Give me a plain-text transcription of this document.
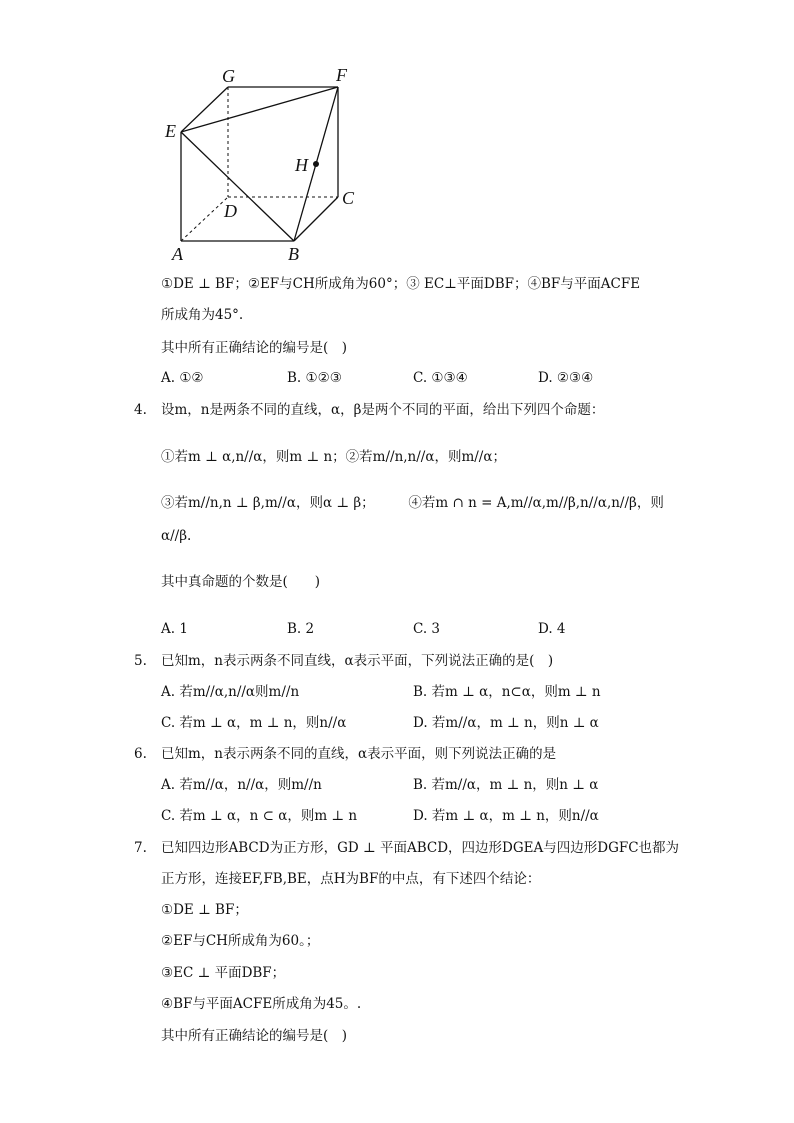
G	F
E
H
C
D
A	B
①DE ⊥ BF；②EF与CH所成角为60°；③ EC⊥平面DBF；④BF与平面ACFE
所成角为45°.
其中所有正确结论的编号是(　)
A. ①②	B. ①②③	C. ①③④	D. ②③④
4. 设m，n是两条不同的直线，α，β是两个不同的平面，给出下列四个命题：
①若m ⊥ α,n//α，则m ⊥ n；②若m//n,n//α，则m//α；
③若m//n,n ⊥ β,m//α，则α ⊥ β；　　　④若m ∩ n = A,m//α,m//β,n//α,n//β，则
α//β.
其中真命题的个数是(　　)
A. 1	B. 2	C. 3	D. 4
5. 已知m，n表示两条不同直线，α表示平面，下列说法正确的是(　)
A. 若m//α,n//α则m//n	B. 若m ⊥ α，n⊂α，则m ⊥ n
C. 若m ⊥ α，m ⊥ n，则n//α	D. 若m//α，m ⊥ n，则n ⊥ α
6. 已知m，n表示两条不同的直线，α表示平面，则下列说法正确的是
A. 若m//α，n//α，则m//n	B. 若m//α，m ⊥ n，则n ⊥ α
C. 若m ⊥ α，n ⊂ α，则m ⊥ n	D. 若m ⊥ α，m ⊥ n，则n//α
7. 已知四边形ABCD为正方形，GD ⊥ 平面ABCD，四边形DGEA与四边形DGFC也都为
正方形，连接EF,FB,BE，点H为BF的中点，有下述四个结论：
①DE ⊥ BF；
②EF与CH所成角为60。；
③EC ⊥ 平面DBF；
④BF与平面ACFE所成角为45。.
其中所有正确结论的编号是(　)
